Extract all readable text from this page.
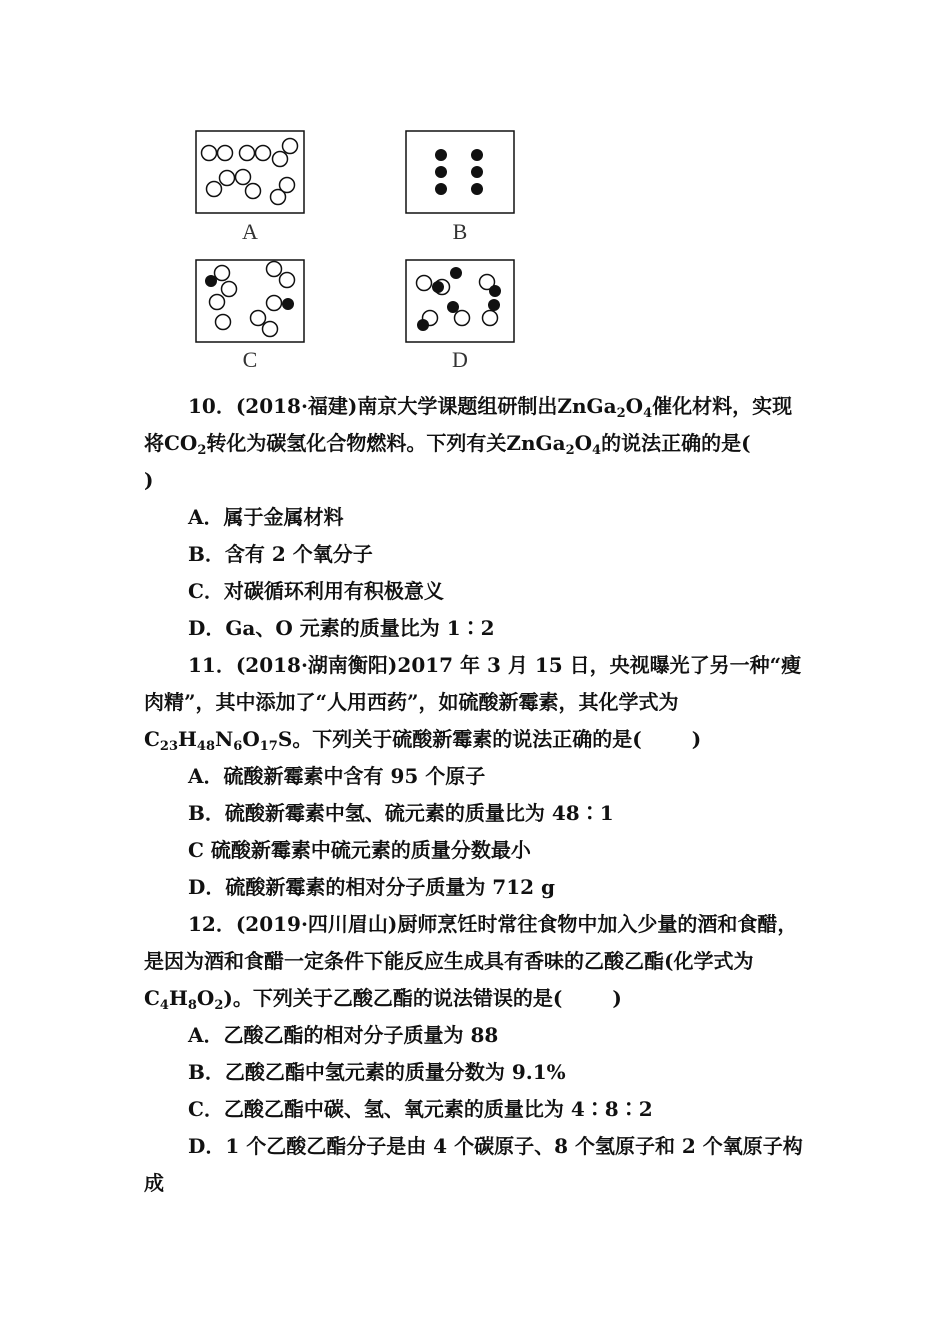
A	B
C	D

10．(2018·福建)南京大学课题组研制出$ZnGa_2O_4$催化材料，实现将$CO_2$转化为碳氢化合物燃料。下列有关$ZnGa_2O_4$的说法正确的是()

A．属于金属材料

B．含有 2 个氧分子

C．对碳循环利用有积极意义

D．Ga、O 元素的质量比为 1∶2

11．(2018·湖南衡阳)2017 年 3 月 15 日，央视曝光了另一种“瘦肉精”，其中添加了“人用西药”，如硫酸新霉素，其化学式为$C_{23}H_{48}N_6O_{17}S$。下列关于硫酸新霉素的说法正确的是(	)

A．硫酸新霉素中含有 95 个原子

B．硫酸新霉素中氢、硫元素的质量比为 48∶1

C 硫酸新霉素中硫元素的质量分数最小

D．硫酸新霉素的相对分子质量为 712 g

12．(2019·四川眉山)厨师烹饪时常往食物中加入少量的酒和食醋，是因为酒和食醋一定条件下能反应生成具有香味的乙酸乙酯(化学式为$C_4H_8O_2$)。下列关于乙酸乙酯的说法错误的是(	)

A．乙酸乙酯的相对分子质量为 88

B．乙酸乙酯中氢元素的质量分数为 9.1%

C．乙酸乙酯中碳、氢、氧元素的质量比为 4∶8∶2

D．1 个乙酸乙酯分子是由 4 个碳原子、8 个氢原子和 2 个氧原子构成
